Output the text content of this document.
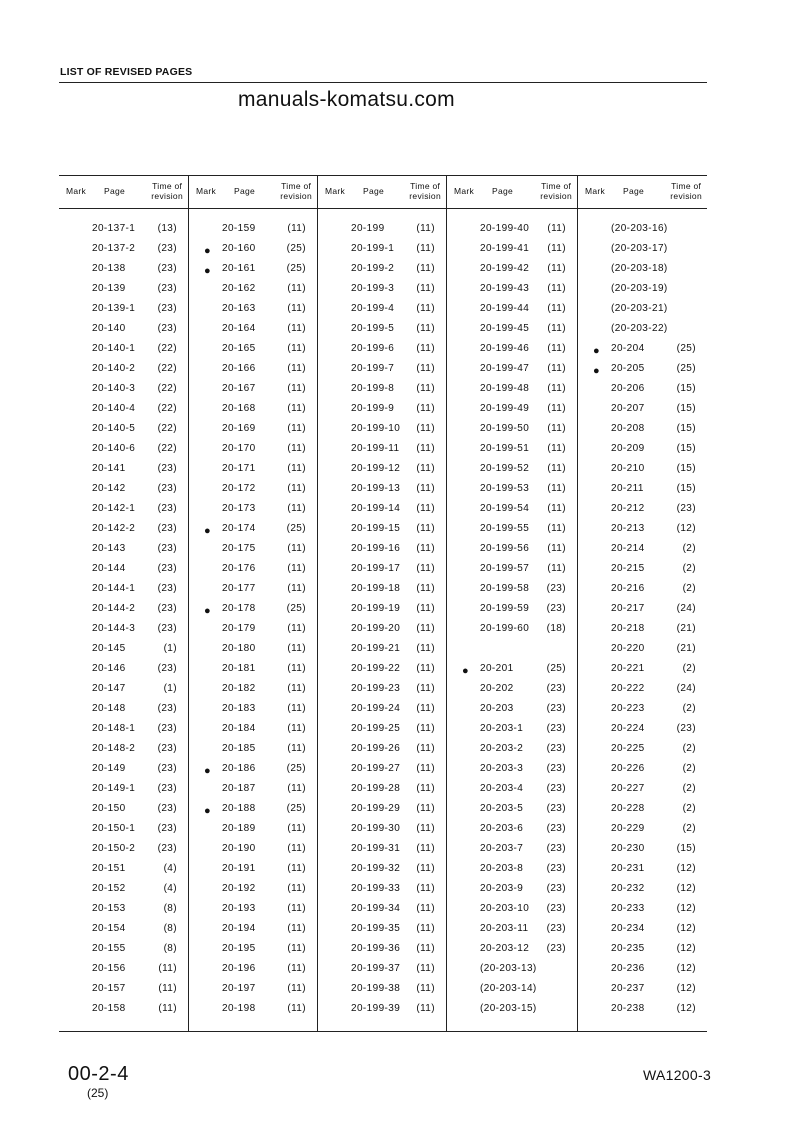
LIST OF REVISED PAGES
manuals-komatsu.com
Mark Page	Time of
revision
20-137-1 (13)
20-137-2 (23)
20-138	(23)
20-139	(23)
20-139-1 (23)
20-140	(23)
20-140-1 (22)
20-140-2 (22)
20-140-3 (22)
20-140-4 (22)
20-140-5 (22)
20-140-6 (22)
20-141	(23)
20-142	(23)
20-142-1 (23)
20-142-2 (23)
20-143	(23)
20-144	(23)
20-144-1 (23)
20-144-2 (23)
20-144-3 (23)
20-145	(1)
20-146	(23)
20-147	(1)
20-148	(23)
20-148-1 (23)
20-148-2 (23)
20-149	(23)
20-149-1 (23)
20-150	(23)
20-150-1 (23)
20-150-2 (23)
20-151	(4)
20-152	(4)
20-153	(8)
20-154	(8)
20-155	(8)
20-156	(11)
20-157	(11)
20-158	(11)
Mark Page	Time of
revision
20-159	(11)
● 20-160	(25)
● 20-161	(25)
20-162	(11)
20-163	(11)
20-164	(11)
20-165	(11)
20-166	(11)
20-167	(11)
20-168	(11)
20-169	(11)
20-170	(11)
20-171	(11)
20-172	(11)
20-173	(11)
● 20-174	(25)
20-175	(11)
20-176	(11)
20-177	(11)
● 20-178	(25)
20-179	(11)
20-180	(11)
20-181	(11)
20-182	(11)
20-183	(11)
20-184	(11)
20-185	(11)
● 20-186	(25)
20-187	(11)
● 20-188	(25)
20-189	(11)
20-190	(11)
20-191	(11)
20-192	(11)
20-193	(11)
20-194	(11)
20-195	(11)
20-196	(11)
20-197	(11)
20-198	(11)
Mark Page	Time of
revision
20-199	(11)
20-199-1 (11)
20-199-2 (11)
20-199-3 (11)
20-199-4 (11)
20-199-5 (11)
20-199-6 (11)
20-199-7 (11)
20-199-8 (11)
20-199-9 (11)
20-199-10 (11)
20-199-11 (11)
20-199-12 (11)
20-199-13 (11)
20-199-14 (11)
20-199-15 (11)
20-199-16 (11)
20-199-17 (11)
20-199-18 (11)
20-199-19 (11)
20-199-20 (11)
20-199-21 (11)
20-199-22 (11)
20-199-23 (11)
20-199-24 (11)
20-199-25 (11)
20-199-26 (11)
20-199-27 (11)
20-199-28 (11)
20-199-29 (11)
20-199-30 (11)
20-199-31 (11)
20-199-32 (11)
20-199-33 (11)
20-199-34 (11)
20-199-35 (11)
20-199-36 (11)
20-199-37 (11)
20-199-38 (11)
20-199-39 (11)
Mark Page	Time of
revision
20-199-40 (11)
20-199-41 (11)
20-199-42 (11)
20-199-43 (11)
20-199-44 (11)
20-199-45 (11)
20-199-46 (11)
20-199-47 (11)
20-199-48 (11)
20-199-49 (11)
20-199-50 (11)
20-199-51 (11)
20-199-52 (11)
20-199-53 (11)
20-199-54 (11)
20-199-55 (11)
20-199-56 (11)
20-199-57 (11)
20-199-58 (23)
20-199-59 (23)
20-199-60 (18)
● 20-201	(25)
20-202	(23)
20-203	(23)
20-203-1 (23)
20-203-2 (23)
20-203-3 (23)
20-203-4 (23)
20-203-5 (23)
20-203-6 (23)
20-203-7 (23)
20-203-8 (23)
20-203-9 (23)
20-203-10 (23)
20-203-11 (23)
20-203-12 (23)
(20-203-13)
(20-203-14)
(20-203-15)
Mark Page	Time of
revision
(20-203-16)
(20-203-17)
(20-203-18)
(20-203-19)
(20-203-21)
(20-203-22)
● 20-204	(25)
● 20-205	(25)
20-206	(15)
20-207	(15)
20-208	(15)
20-209	(15)
20-210	(15)
20-211	(15)
20-212	(23)
20-213	(12)
20-214	(2)
20-215	(2)
20-216	(2)
20-217	(24)
20-218	(21)
20-220	(21)
20-221	(2)
20-222	(24)
20-223	(2)
20-224	(23)
20-225	(2)
20-226	(2)
20-227	(2)
20-228	(2)
20-229	(2)
20-230	(15)
20-231	(12)
20-232	(12)
20-233	(12)
20-234	(12)
20-235	(12)
20-236	(12)
20-237	(12)
20-238	(12)
00-2-4
(25)
WA1200-3
